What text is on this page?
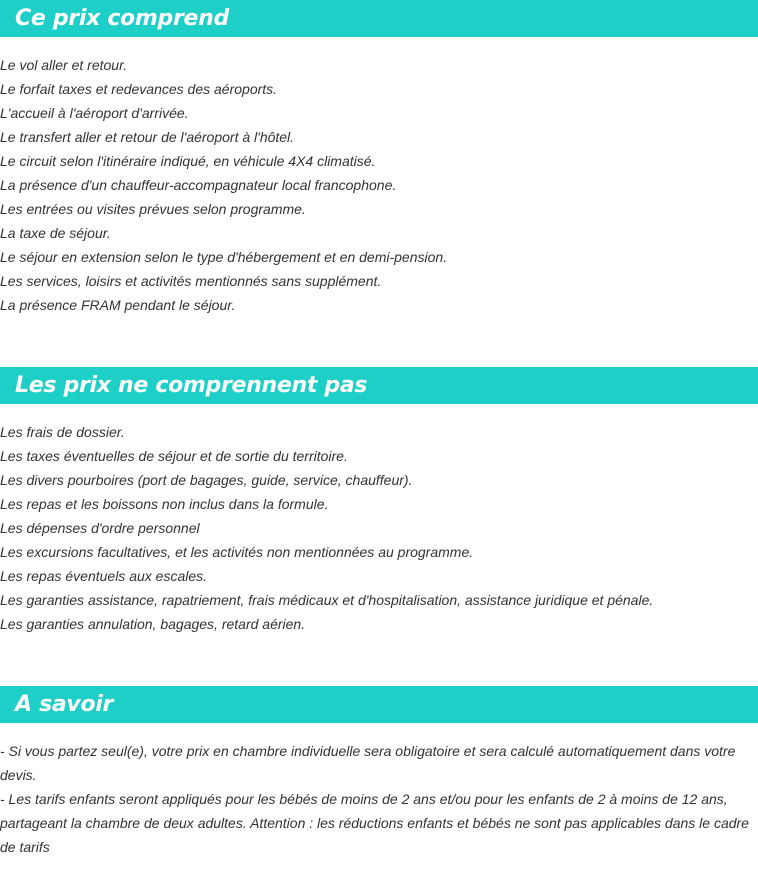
Ce prix comprend

Le vol aller et retour.

Le forfait taxes et redevances des aéroports.

L'accueil à l'aéroport d'arrivée.

Le transfert aller et retour de l'aéroport à l'hôtel.

Le circuit selon l'itinéraire indiqué, en véhicule 4X4 climatisé.

La présence d'un chauffeur-accompagnateur local francophone.

Les entrées ou visites prévues selon programme.

La taxe de séjour.

Le séjour en extension selon le type d'hébergement et en demi-pension.

Les services, loisirs et activités mentionnés sans supplément.

La présence FRAM pendant le séjour.

Les prix ne comprennent pas

Les frais de dossier.

Les taxes éventuelles de séjour et de sortie du territoire.

Les divers pourboires (port de bagages, guide, service, chauffeur).

Les repas et les boissons non inclus dans la formule.

Les dépenses d'ordre personnel

Les excursions facultatives, et les activités non mentionnées au programme.

Les repas éventuels aux escales.

Les garanties assistance, rapatriement, frais médicaux et d'hospitalisation, assistance juridique et pénale.

Les garanties annulation, bagages, retard aérien.

A savoir

- Si vous partez seul(e), votre prix en chambre individuelle sera obligatoire et sera calculé automatiquement dans votre devis.

- Les tarifs enfants seront appliqués pour les bébés de moins de 2 ans et/ou pour les enfants de 2 à moins de 12 ans, partageant la chambre de deux adultes. Attention : les réductions enfants et bébés ne sont pas applicables dans le cadre de tarifs
